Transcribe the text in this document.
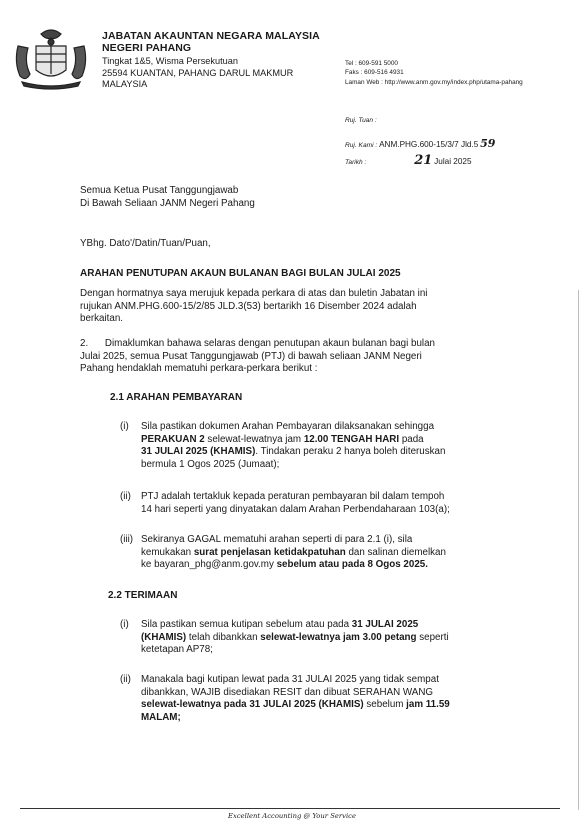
JABATAN AKAUNTAN NEGARA MALAYSIA
NEGERI PAHANG
Tingkat 1&5, Wisma Persekutuan
25594 KUANTAN, PAHANG DARUL MAKMUR
MALAYSIA
Tel : 609-591 5000
Faks : 609-516 4931
Laman Web : http://www.anm.gov.my/index.php/utama-pahang
Ruj. Tuan :
Ruj. Kami : ANM.PHG.600-15/3/7 Jld.5 59
Tarikh :	21 Julai 2025
Semua Ketua Pusat Tanggungjawab
Di Bawah Seliaan JANM Negeri Pahang
YBhg. Dato'/Datin/Tuan/Puan,
ARAHAN PENUTUPAN AKAUN BULANAN BAGI BULAN JULAI 2025
Dengan hormatnya saya merujuk kepada perkara di atas dan buletin Jabatan ini
rujukan ANM.PHG.600-15/2/85 JLD.3(53) bertarikh 16 Disember 2024 adalah
berkaitan.
2. Dimaklumkan bahawa selaras dengan penutupan akaun bulanan bagi bulan
Julai 2025, semua Pusat Tanggungjawab (PTJ) di bawah seliaan JANM Negeri
Pahang hendaklah mematuhi perkara-perkara berikut :
2.1 ARAHAN PEMBAYARAN
(i) Sila pastikan dokumen Arahan Pembayaran dilaksanakan sehingga
PERAKUAN 2 selewat-lewatnya jam 12.00 TENGAH HARI pada
31 JULAI 2025 (KHAMIS). Tindakan peraku 2 hanya boleh diteruskan
bermula 1 Ogos 2025 (Jumaat);
(ii) PTJ adalah tertakluk kepada peraturan pembayaran bil dalam tempoh
14 hari seperti yang dinyatakan dalam Arahan Perbendaharaan 103(a);
(iii) Sekiranya GAGAL mematuhi arahan seperti di para 2.1 (i), sila
kemukakan surat penjelasan ketidakpatuhan dan salinan diemelkan
ke bayaran_phg@anm.gov.my sebelum atau pada 8 Ogos 2025.
2.2 TERIMAAN
(i) Sila pastikan semua kutipan sebelum atau pada 31 JULAI 2025
(KHAMIS) telah dibankkan selewat-lewatnya jam 3.00 petang seperti
ketetapan AP78;
(ii) Manakala bagi kutipan lewat pada 31 JULAI 2025 yang tidak sempat
dibankkan, WAJIB disediakan RESIT dan dibuat SERAHAN WANG
selewat-lewatnya pada 31 JULAI 2025 (KHAMIS) sebelum jam 11.59
MALAM;
Excellent Accounting @ Your Service
